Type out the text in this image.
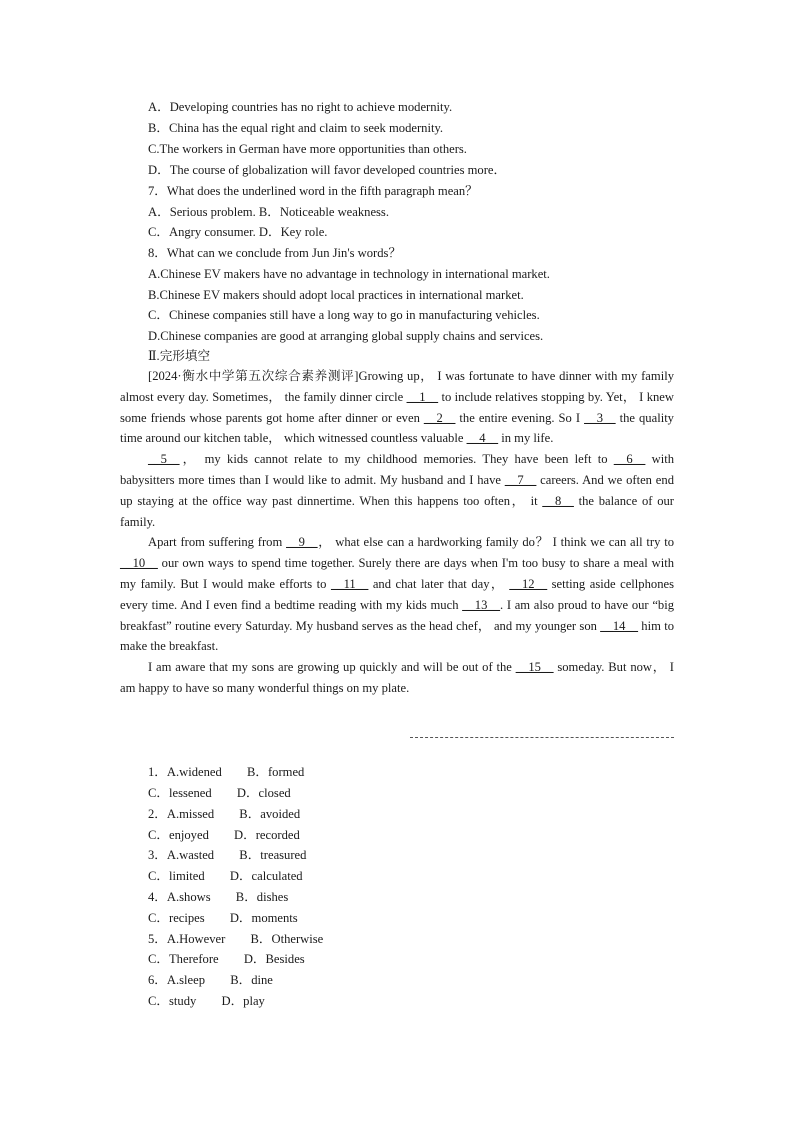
A．Developing countries has no right to achieve modernity.
B．China has the equal right and claim to seek modernity.
C.The workers in German have more opportunities than others.
D．The course of globalization will favor developed countries more．
7．What does the underlined word in the fifth paragraph mean？
A．Serious problem. B．Noticeable weakness.
C．Angry consumer. D．Key role.
8．What can we conclude from Jun Jin's words？
A.Chinese EV makers have no advantage in technology in international market.
B.Chinese EV makers should adopt local practices in international market.
C．Chinese companies still have a long way to go in manufacturing vehicles.
D.Chinese companies are good at arranging global supply chains and services.
Ⅱ.完形填空

[2024·衡水中学第五次综合素养测评]Growing up， I was fortunate to have dinner with my family almost every day. Sometimes， the family dinner circle __1__ to include relatives stopping by. Yet， I knew some friends whose parents got home after dinner or even __2__ the entire evening. So I __3__ the quality time around our kitchen table， which witnessed countless valuable __4__ in my life.

__5__， my kids cannot relate to my childhood memories. They have been left to __6__ with babysitters more times than I would like to admit. My husband and I have __7__ careers. And we often end up staying at the office way past dinnertime. When this happens too often， it __8__ the balance of our family.

Apart from suffering from __9__， what else can a hardworking family do？ I think we can all try to __10__ our own ways to spend time together. Surely there are days when I'm too busy to share a meal with my family. But I would make efforts to __11__ and chat later that day， __12__ setting aside cellphones every time. And I even find a bedtime reading with my kids much __13__. I am also proud to have our “big breakfast” routine every Saturday. My husband serves as the head chef， and my younger son __14__ him to make the breakfast.

I am aware that my sons are growing up quickly and will be out of the __15__ someday. But now， I am happy to have so many wonderful things on my plate.

1．A.widened        B．formed
C．lessened        D．closed
2．A.missed        B．avoided
C．enjoyed        D．recorded
3．A.wasted        B．treasured
C．limited        D．calculated
4．A.shows        B．dishes
C．recipes        D．moments
5．A.However        B．Otherwise
C．Therefore        D．Besides
6．A.sleep        B．dine
C．study        D．play
